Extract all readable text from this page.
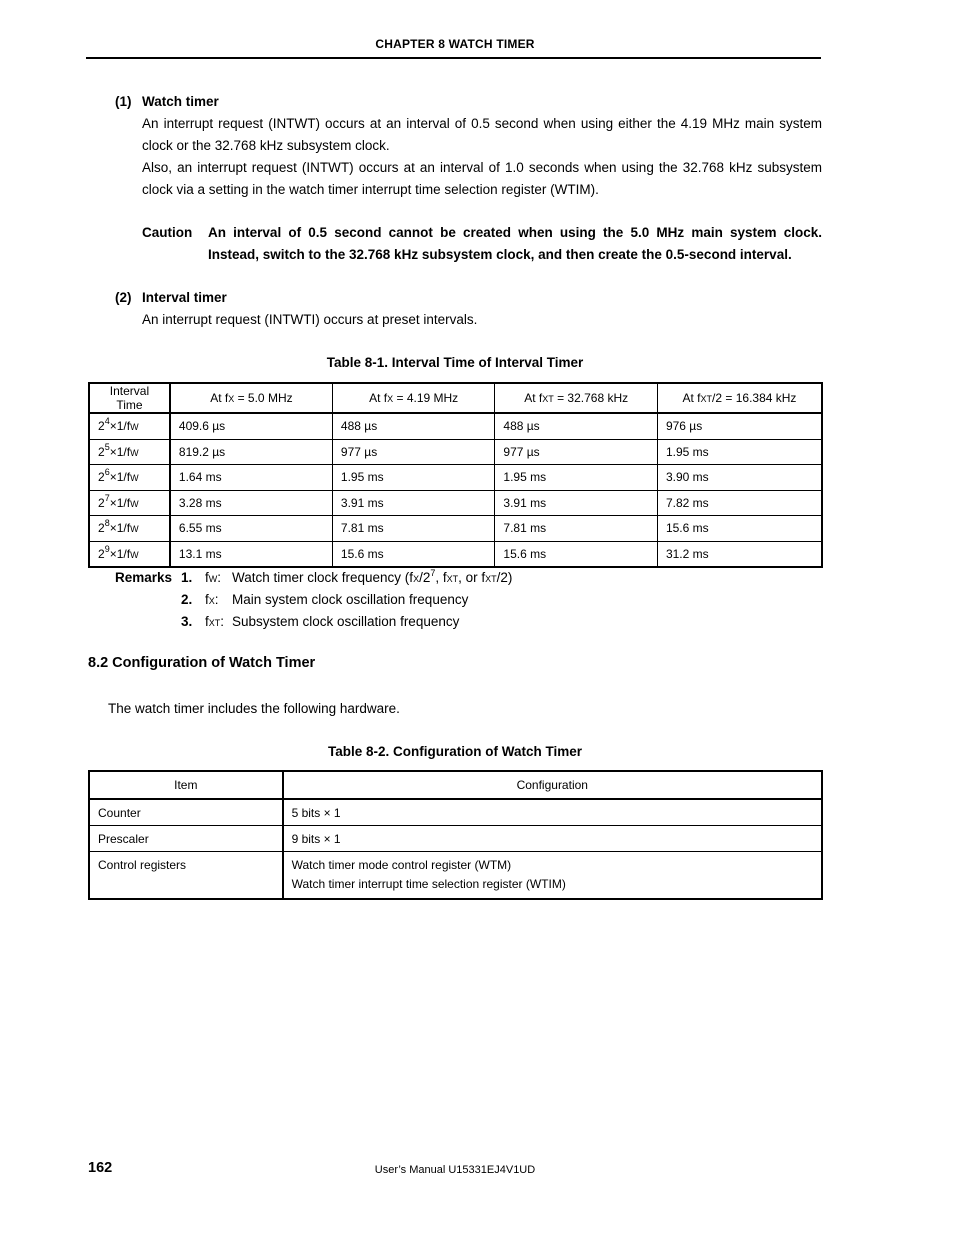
CHAPTER 8 WATCH TIMER
(1) Watch timer
An interrupt request (INTWT) occurs at an interval of 0.5 second when using either the 4.19 MHz main system clock or the 32.768 kHz subsystem clock.
Also, an interrupt request (INTWT) occurs at an interval of 1.0 seconds when using the 32.768 kHz subsystem clock via a setting in the watch timer interrupt time selection register (WTIM).
Caution An interval of 0.5 second cannot be created when using the 5.0 MHz main system clock. Instead, switch to the 32.768 kHz subsystem clock, and then create the 0.5-second interval.
(2) Interval timer
An interrupt request (INTWTI) occurs at preset intervals.
Table 8-1. Interval Time of Interval Timer
Interval Time	At fX = 5.0 MHz	At fX = 4.19 MHz	At fXT = 32.768 kHz	At fXT/2 = 16.384 kHz
$2^4\times 1/fW$	409.6 µs	488 µs	488 µs	976 µs
$2^5\times 1/fW$	819.2 µs	977 µs	977 µs	1.95 ms
$2^6\times 1/fW$	1.64 ms	1.95 ms	1.95 ms	3.90 ms
$2^7\times 1/fW$	3.28 ms	3.91 ms	3.91 ms	7.82 ms
$2^8\times 1/fW$	6.55 ms	7.81 ms	7.81 ms	15.6 ms
$2^9\times 1/fW$	13.1 ms	15.6 ms	15.6 ms	31.2 ms
Remarks 1. fW: Watch timer clock frequency ($fX/2^7$, fXT, or fXT/2)
2. fX: Main system clock oscillation frequency
3. fXT: Subsystem clock oscillation frequency
8.2 Configuration of Watch Timer
The watch timer includes the following hardware.
Table 8-2. Configuration of Watch Timer
Item	Configuration
Counter	5 bits × 1
Prescaler	9 bits × 1
Control registers	Watch timer mode control register (WTM)
Watch timer interrupt time selection register (WTIM)
162	User’s Manual U15331EJ4V1UD
